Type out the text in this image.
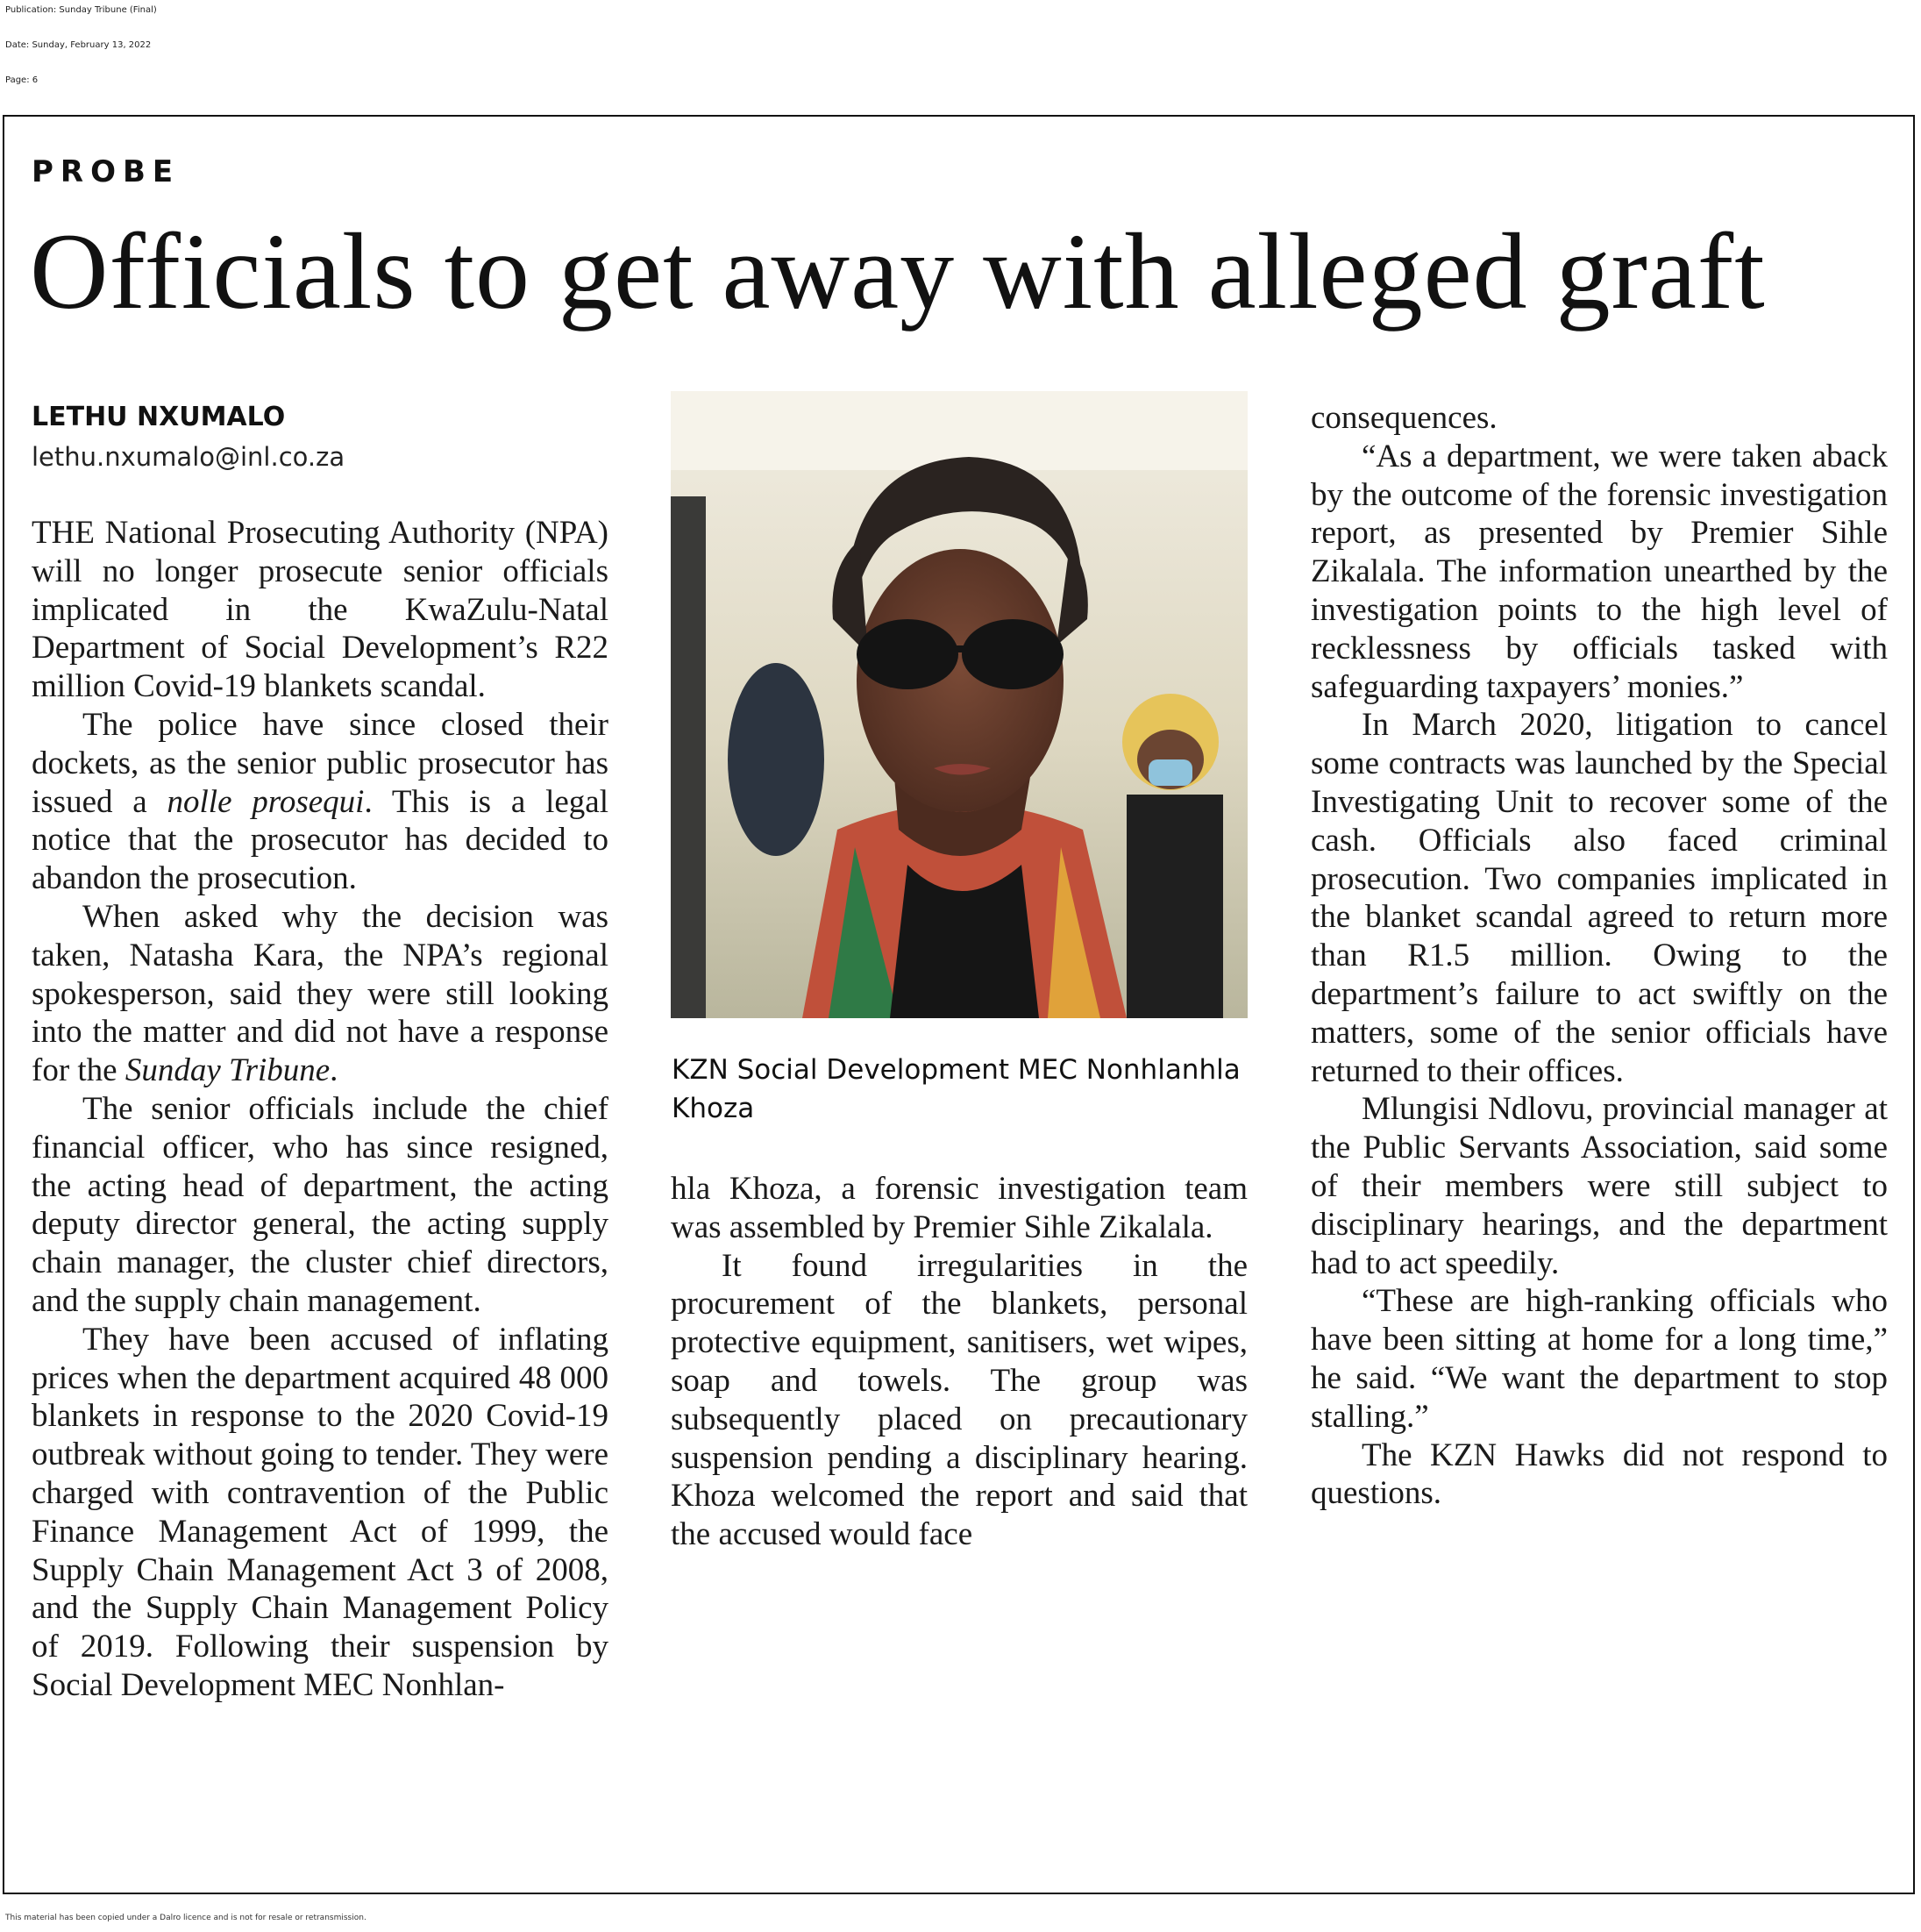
Publication: Sunday Tribune (Final)
Date: Sunday, February 13, 2022
Page: 6
PROBE
Officials to get away with alleged graft
LETHU NXUMALO
lethu.nxumalo@inl.co.za

THE National Prosecuting Authority (NPA) will no longer prosecute senior officials implicated in the KwaZulu-Natal Department of Social Development’s R22 million Covid-19 blankets scandal.

The police have since closed their dockets, as the senior public prosecutor has issued a nolle prosequi. This is a legal notice that the prosecutor has decided to abandon the prosecution.

When asked why the decision was taken, Natasha Kara, the NPA’s regional spokesperson, said they were still looking into the matter and did not have a response for the Sunday Tribune.

The senior officials include the chief financial officer, who has since resigned, the acting head of department, the acting deputy director general, the acting supply chain manager, the cluster chief directors, and the supply chain management.

They have been accused of inflating prices when the department acquired 48 000 blankets in response to the 2020 Covid-19 outbreak without going to tender. They were charged with contravention of the Public Finance Management Act of 1999, the Supply Chain Management Act 3 of 2008, and the Supply Chain Management Policy of 2019. Following their suspension by Social Development MEC Nonhlan-

KZN Social Development MEC Nonhlanhla Khoza

hla Khoza, a forensic investigation team was assembled by Premier Sihle Zikalala.

It found irregularities in the procurement of the blankets, personal protective equipment, sanitisers, wet wipes, soap and towels. The group was subsequently placed on precautionary suspension pending a disciplinary hearing. Khoza welcomed the report and said that the accused would face

consequences.

“As a department, we were taken aback by the outcome of the forensic investigation report, as presented by Premier Sihle Zikalala. The information unearthed by the investigation points to the high level of recklessness by officials tasked with safeguarding taxpayers’ monies.”

In March 2020, litigation to cancel some contracts was launched by the Special Investigating Unit to recover some of the cash. Officials also faced criminal prosecution. Two companies implicated in the blanket scandal agreed to return more than R1.5 million. Owing to the department’s failure to act swiftly on the matters, some of the senior officials have returned to their offices.

Mlungisi Ndlovu, provincial manager at the Public Servants Association, said some of their members were still subject to disciplinary hearings, and the department had to act speedily.

“These are high-ranking officials who have been sitting at home for a long time,” he said. “We want the department to stop stalling.”

The KZN Hawks did not respond to questions.

This material has been copied under a Dalro licence and is not for resale or retransmission.
